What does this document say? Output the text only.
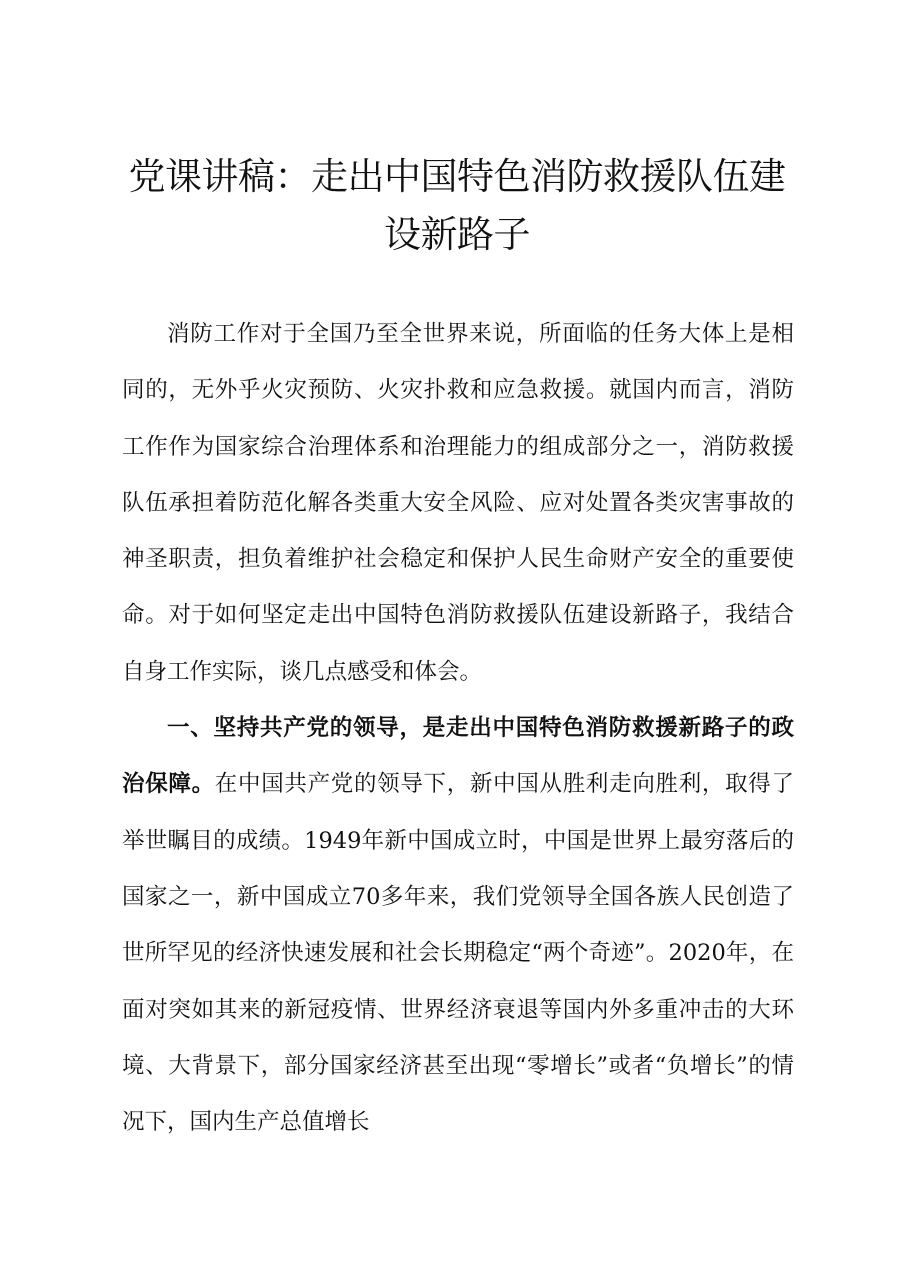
党课讲稿：走出中国特色消防救援队伍建设新路子

消防工作对于全国乃至全世界来说，所面临的任务大体上是相同的，无外乎火灾预防、火灾扑救和应急救援。就国内而言，消防工作作为国家综合治理体系和治理能力的组成部分之一，消防救援队伍承担着防范化解各类重大安全风险、应对处置各类灾害事故的神圣职责，担负着维护社会稳定和保护人民生命财产安全的重要使命。对于如何坚定走出中国特色消防救援队伍建设新路子，我结合自身工作实际，谈几点感受和体会。

一、坚持共产党的领导，是走出中国特色消防救援新路子的政治保障。在中国共产党的领导下，新中国从胜利走向胜利，取得了举世瞩目的成绩。1949年新中国成立时，中国是世界上最穷落后的国家之一，新中国成立70多年来，我们党领导全国各族人民创造了世所罕见的经济快速发展和社会长期稳定“两个奇迹”。2020年，在面对突如其来的新冠疫情、世界经济衰退等国内外多重冲击的大环境、大背景下，部分国家经济甚至出现“零增长”或者“负增长”的情况下，国内生产总值增长
